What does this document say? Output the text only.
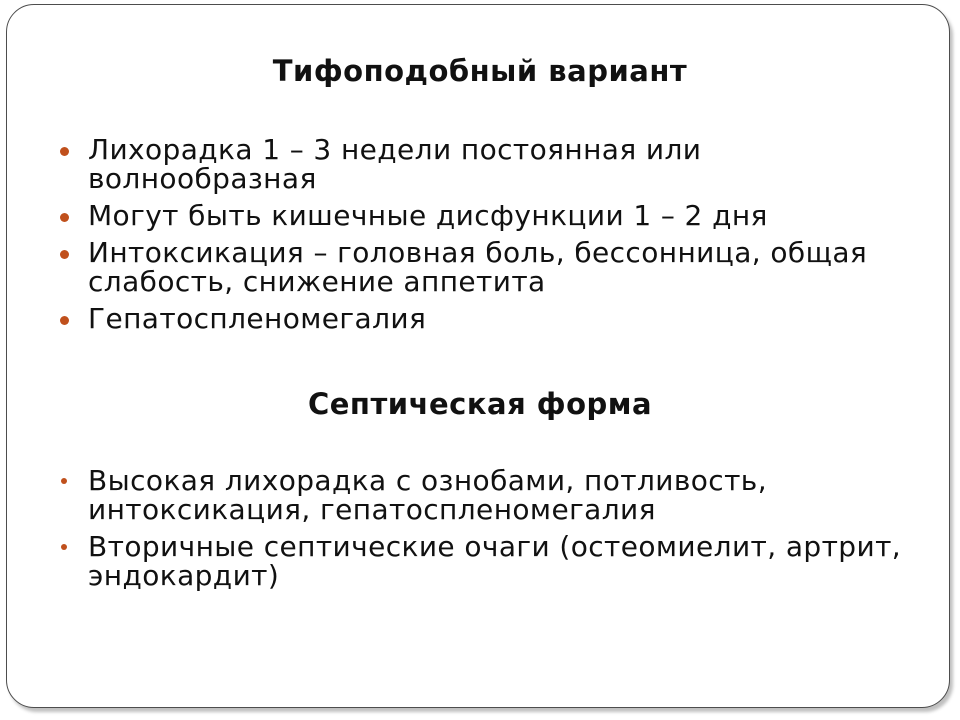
Тифоподобный вариант
Лихорадка 1 – 3 недели постоянная или волнообразная
Могут быть кишечные дисфункции 1 – 2 дня
Интоксикация – головная боль, бессонница, общая слабость, снижение аппетита
Гепатоспленомегалия
Септическая форма
Высокая лихорадка с ознобами, потливость, интоксикация, гепатоспленомегалия
Вторичные септические очаги (остеомиелит, артрит, эндокардит)
